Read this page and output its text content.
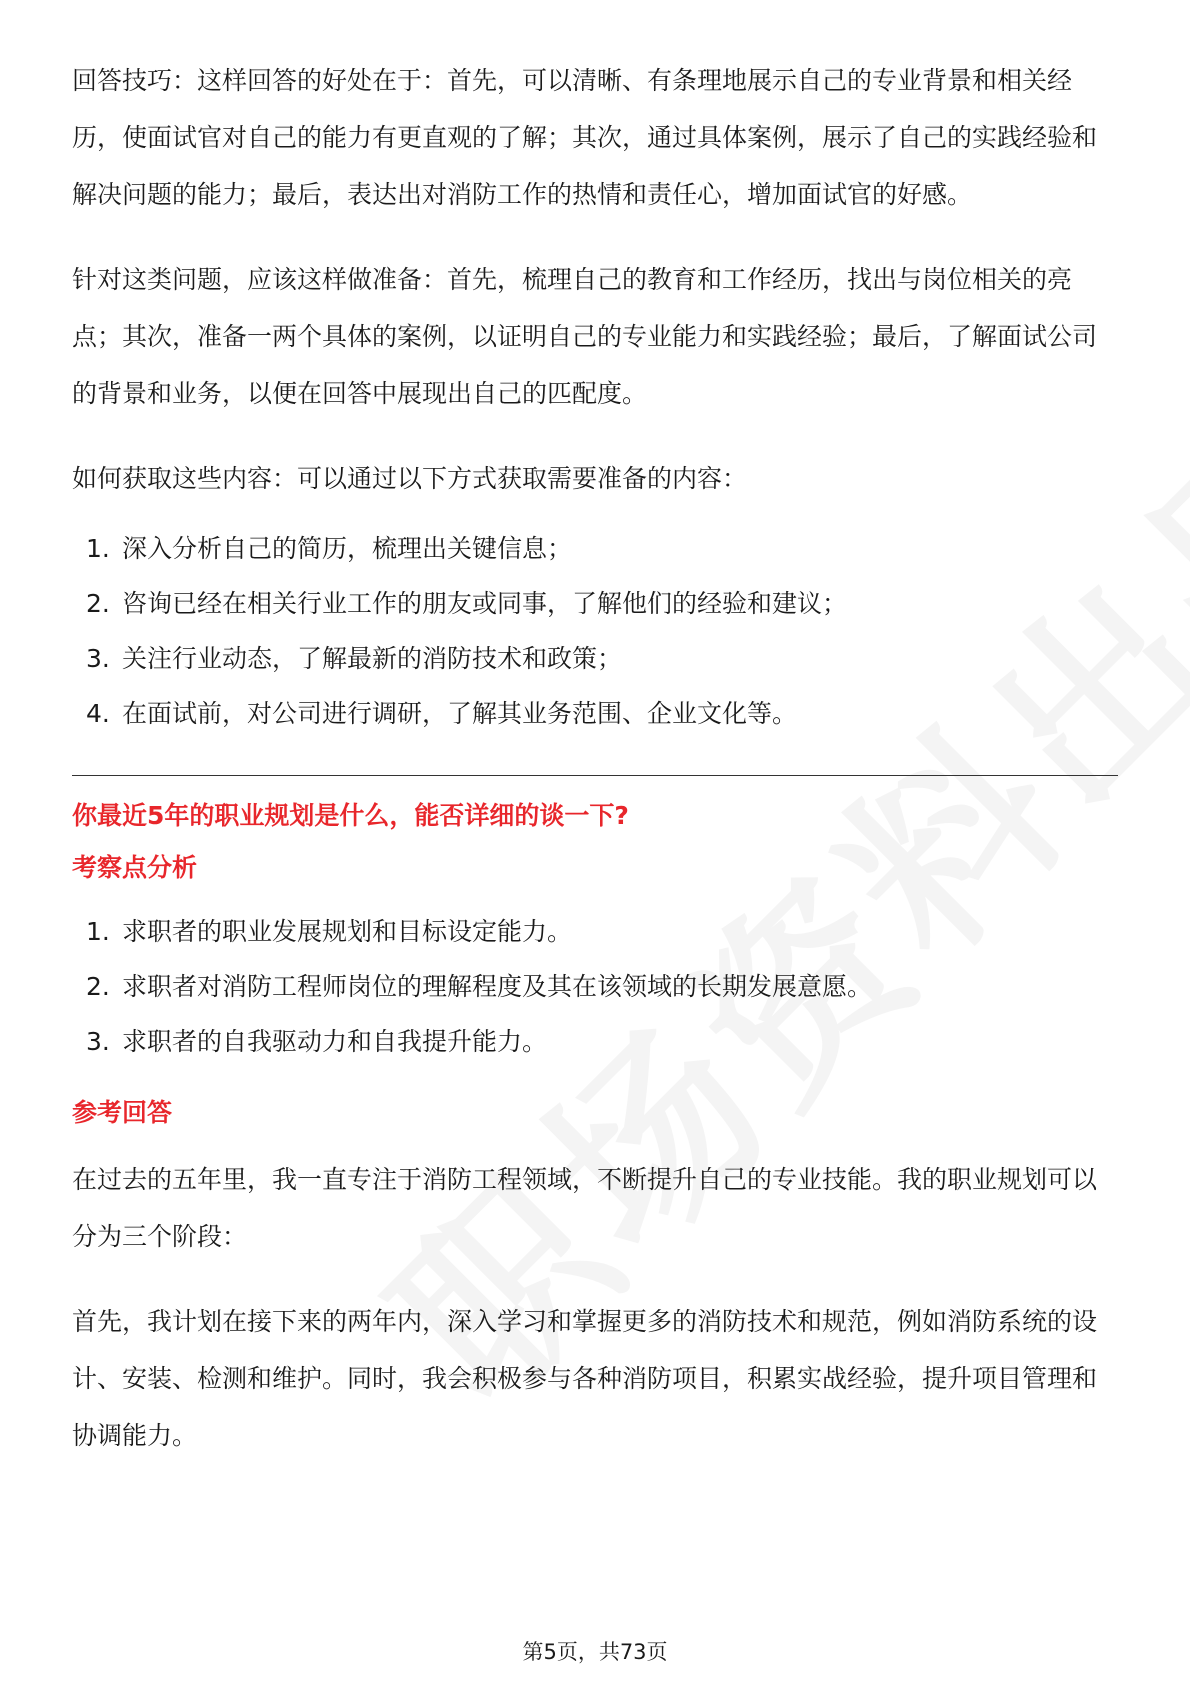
回答技巧：这样回答的好处在于：首先，可以清晰、有条理地展示自己的专业背景和相关经历，使面试官对自己的能力有更直观的了解；其次，通过具体案例，展示了自己的实践经验和解决问题的能力；最后，表达出对消防工作的热情和责任心，增加面试官的好感。

针对这类问题，应该这样做准备：首先，梳理自己的教育和工作经历，找出与岗位相关的亮点；其次，准备一两个具体的案例，以证明自己的专业能力和实践经验；最后，了解面试公司的背景和业务，以便在回答中展现出自己的匹配度。

如何获取这些内容：可以通过以下方式获取需要准备的内容：

1. 深入分析自己的简历，梳理出关键信息；
2. 咨询已经在相关行业工作的朋友或同事，了解他们的经验和建议；
3. 关注行业动态，了解最新的消防技术和政策；
4. 在面试前，对公司进行调研，了解其业务范围、企业文化等。
你最近5年的职业规划是什么，能否详细的谈一下?
考察点分析
1. 求职者的职业发展规划和目标设定能力。
2. 求职者对消防工程师岗位的理解程度及其在该领域的长期发展意愿。
3. 求职者的自我驱动力和自我提升能力。
参考回答

在过去的五年里，我一直专注于消防工程领域，不断提升自己的专业技能。我的职业规划可以分为三个阶段：

首先，我计划在接下来的两年内，深入学习和掌握更多的消防技术和规范，例如消防系统的设计、安装、检测和维护。同时，我会积极参与各种消防项目，积累实战经验，提升项目管理和协调能力。

第5页，共73页
